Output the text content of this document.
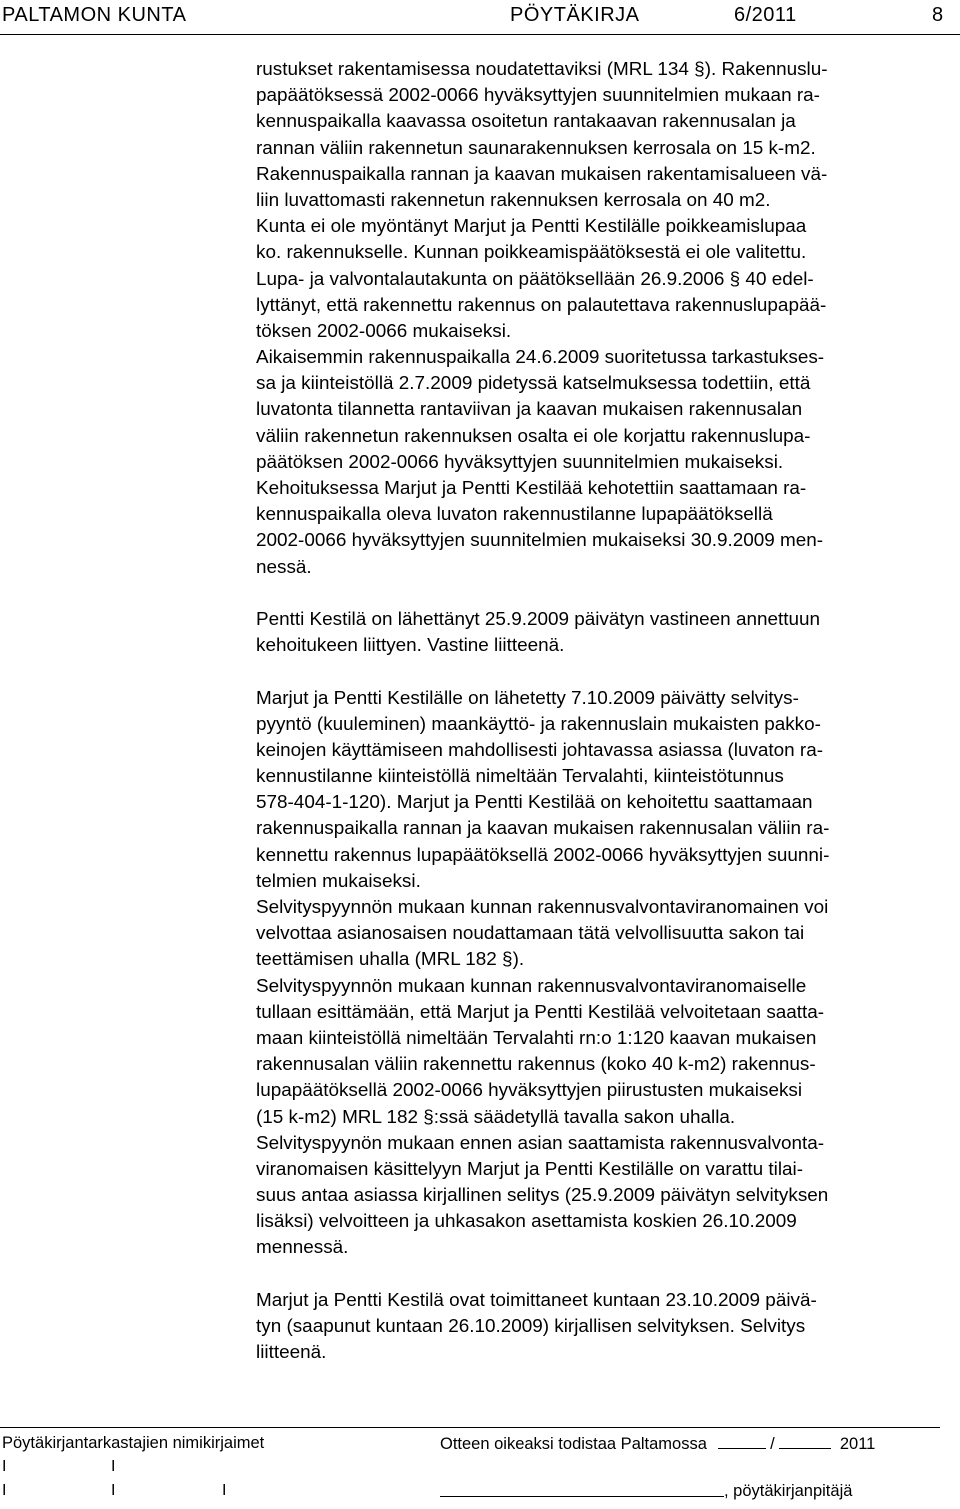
PALTAMON KUNTA	PÖYTÄKIRJA	6/2011	8
rustukset rakentamisessa noudatettaviksi (MRL 134 §). Rakennuslu-
papäätöksessä 2002-0066 hyväksyttyjen suunnitelmien mukaan ra-
kennuspaikalla kaavassa osoitetun rantakaavan rakennusalan ja
rannan väliin rakennetun saunarakennuksen kerrosala on 15 k-m2.
Rakennuspaikalla rannan ja kaavan mukaisen rakentamisalueen vä-
liin luvattomasti rakennetun rakennuksen kerrosala on 40 m2.
Kunta ei ole myöntänyt Marjut ja Pentti Kestilälle poikkeamislupaa
ko. rakennukselle. Kunnan poikkeamispäätöksestä ei ole valitettu.
Lupa- ja valvontalautakunta on päätöksellään 26.9.2006 § 40 edel-
lyttänyt, että rakennettu rakennus on palautettava rakennuslupapää-
töksen 2002-0066 mukaiseksi.
Aikaisemmin rakennuspaikalla 24.6.2009 suoritetussa tarkastukses-
sa ja kiinteistöllä 2.7.2009 pidetyssä katselmuksessa todettiin, että
luvatonta tilannetta rantaviivan ja kaavan mukaisen rakennusalan
väliin rakennetun rakennuksen osalta ei ole korjattu rakennuslupa-
päätöksen 2002-0066 hyväksyttyjen suunnitelmien mukaiseksi.
Kehoituksessa Marjut ja Pentti Kestilää kehotettiin saattamaan ra-
kennuspaikalla oleva luvaton rakennustilanne lupapäätöksellä
2002-0066 hyväksyttyjen suunnitelmien mukaiseksi 30.9.2009 men-
nessä.
Pentti Kestilä on lähettänyt 25.9.2009 päivätyn vastineen annettuun
kehoitukeen liittyen. Vastine liitteenä.
Marjut ja Pentti Kestilälle on lähetetty 7.10.2009 päivätty selvitys-
pyyntö (kuuleminen) maankäyttö- ja rakennuslain mukaisten pakko-
keinojen käyttämiseen mahdollisesti johtavassa asiassa (luvaton ra-
kennustilanne kiinteistöllä nimeltään Tervalahti, kiinteistötunnus
578-404-1-120). Marjut ja Pentti Kestilää on kehoitettu saattamaan
rakennuspaikalla rannan ja kaavan mukaisen rakennusalan väliin ra-
kennettu rakennus lupapäätöksellä 2002-0066 hyväksyttyjen suunni-
telmien mukaiseksi.
Selvityspyynnön mukaan kunnan rakennusvalvontaviranomainen voi
velvottaa asianosaisen noudattamaan tätä velvollisuutta sakon tai
teettämisen uhalla (MRL 182 §).
Selvityspyynnön mukaan kunnan rakennusvalvontaviranomaiselle
tullaan esittämään, että Marjut ja Pentti Kestilää velvoitetaan saatta-
maan kiinteistöllä nimeltään Tervalahti rn:o 1:120 kaavan mukaisen
rakennusalan väliin rakennettu rakennus (koko 40 k-m2) rakennus-
lupapäätöksellä 2002-0066 hyväksyttyjen piirustusten mukaiseksi
(15 k-m2) MRL 182 §:ssä säädetyllä tavalla sakon uhalla.
Selvityspyynön mukaan ennen asian saattamista rakennusvalvonta-
viranomaisen käsittelyyn Marjut ja Pentti Kestilälle on varattu tilai-
suus antaa asiassa kirjallinen selitys (25.9.2009 päivätyn selvityksen
lisäksi) velvoitteen ja uhkasakon asettamista koskien 26.10.2009
mennessä.
Marjut ja Pentti Kestilä ovat toimittaneet kuntaan 23.10.2009 päivä-
tyn (saapunut kuntaan 26.10.2009) kirjallisen selvityksen. Selvitys
liitteenä.
Pöytäkirjantarkastajien nimikirjaimet	Otteen oikeaksi todistaa Paltamossa	/	2011
I	I
I	I	I	, pöytäkirjanpitäjä
